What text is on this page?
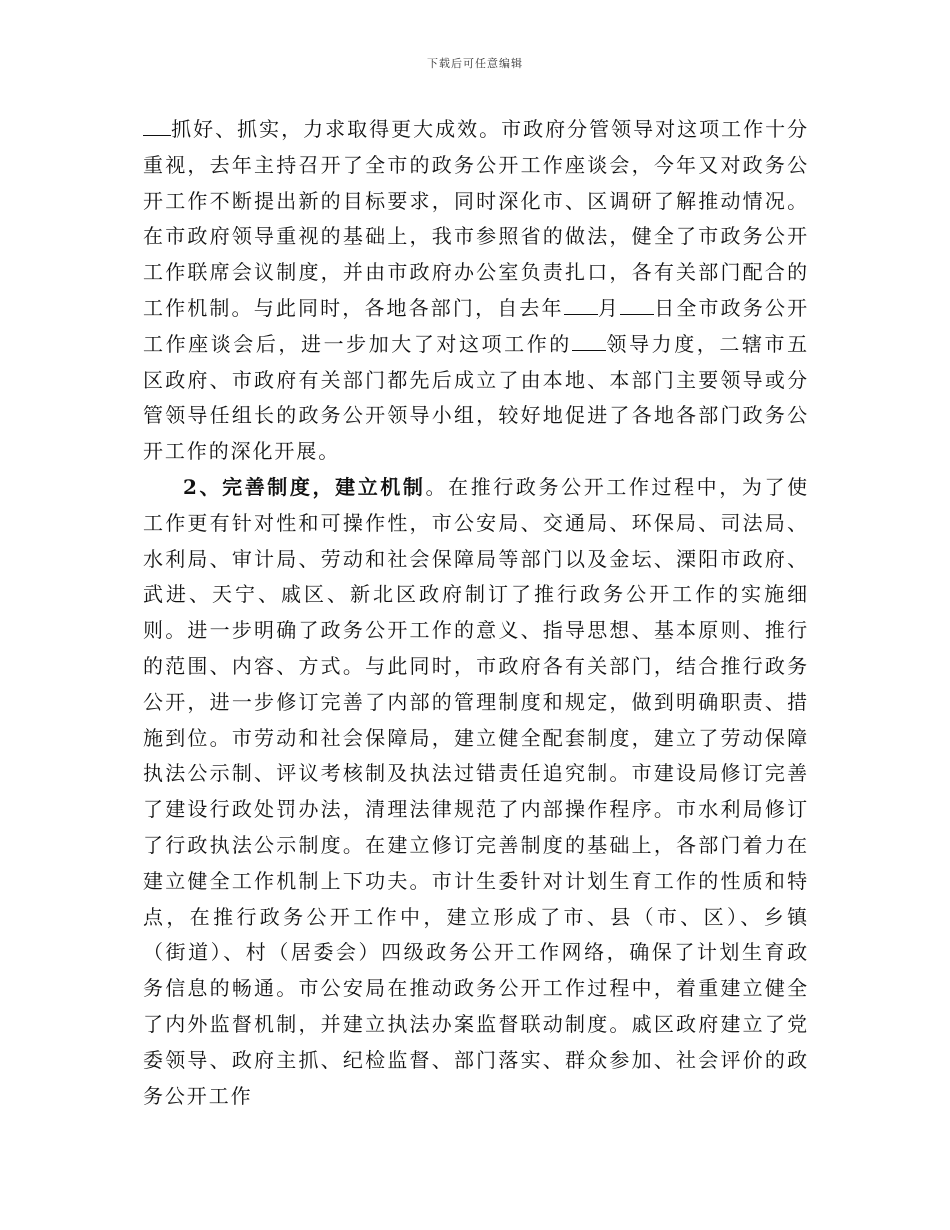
下载后可任意编辑

抓好、抓实，力求取得更大成效。市政府分管领导对这项工作十分重视，去年主持召开了全市的政务公开工作座谈会，今年又对政务公开工作不断提出新的目标要求，同时深化市、区调研了解推动情况。在市政府领导重视的基础上，我市参照省的做法，健全了市政务公开工作联席会议制度，并由市政府办公室负责扎口，各有关部门配合的工作机制。与此同时，各地各部门，自去年 月 日全市政务公开工作座谈会后，进一步加大了对这项工作的 领导力度，二辖市五区政府、市政府有关部门都先后成立了由本地、本部门主要领导或分管领导任组长的政务公开领导小组，较好地促进了各地各部门政务公开工作的深化开展。

2、完善制度，建立机制。在推行政务公开工作过程中，为了使工作更有针对性和可操作性，市公安局、交通局、环保局、司法局、水利局、审计局、劳动和社会保障局等部门以及金坛、溧阳市政府、武进、天宁、戚区、新北区政府制订了推行政务公开工作的实施细则。进一步明确了政务公开工作的意义、指导思想、基本原则、推行的范围、内容、方式。与此同时，市政府各有关部门，结合推行政务公开，进一步修订完善了内部的管理制度和规定，做到明确职责、措施到位。市劳动和社会保障局，建立健全配套制度，建立了劳动保障执法公示制、评议考核制及执法过错责任追究制。市建设局修订完善了建设行政处罚办法，清理法律规范了内部操作程序。市水利局修订了行政执法公示制度。在建立修订完善制度的基础上，各部门着力在建立健全工作机制上下功夫。市计生委针对计划生育工作的性质和特点，在推行政务公开工作中，建立形成了市、县（市、区）、乡镇（街道）、村（居委会）四级政务公开工作网络，确保了计划生育政务信息的畅通。市公安局在推动政务公开工作过程中，着重建立健全了内外监督机制，并建立执法办案监督联动制度。戚区政府建立了党委领导、政府主抓、纪检监督、部门落实、群众参加、社会评价的政务公开工作
